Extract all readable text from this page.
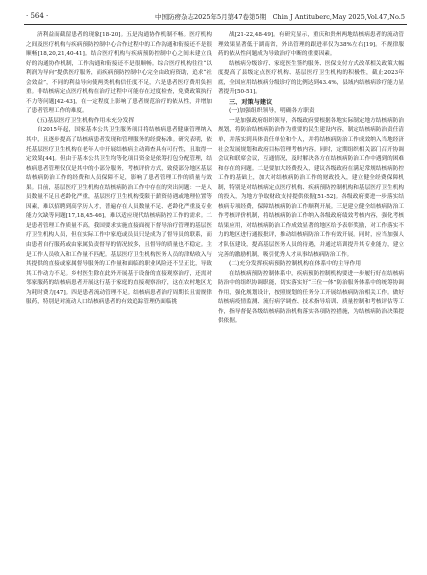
· 564 ·	中国防痨杂志2025年5月第47卷第5期　Chin J Antituberc,May 2025,Vol.47,No.5

济利益而截留患者的现象[18-20]。五是沟通协作机制不畅。医疗机构之间及医疗机构与疾病预防控制中心合作过程中的工作沟通和衔接还不是很顺畅[18,20,21,40-41]。结合医疗机构与疾病预防控制中心之间未建立良好的沟通协作机制，工作沟通和衔接还不是很顺畅。综合医疗机构往往“以利润为导向”提供医疗服务，而疾病预防控制中心完全由政府资助，追求“社会效益”，不同的利益导向使两类机构信任度不足，六是患者医疗费用负担重。非结核病定点医疗机构在治疗过程中可能存在过度检查，免费政策执行不力等问题[42-43]，在一定程度上影响了患者规范治疗的依从性，并增加了患者管理工作的难度。

(五)基层医疗卫生机构作用未充分发挥

自2015年起，国家基本公共卫生服务项目将结核病患者健康管理纳入其中，且逐步提高了结核病患者发现和管理服务的经费标准。研究表明，依托基层医疗卫生机构在老年人中开展结核病主动筛查具有可行性，且取得一定效果[44]。但由于基本公共卫生均等化项目资金是依筹打包分配管理，结核病患者管理仅仅是其中的小部分服务，考核评价方式，致使部分地区基层结核病防治工作的经费和人员保障不足，影响了患者管理工作的质量与效果。目前，基层医疗卫生机构在结核病防治工作中存在的突出问题：一是人员数量不足且老龄化严重，基层医疗卫生机构受限于薪资待遇或地理位置等因素，难以招聘到高学历人才，普遍存在人员数量不足、老龄化严重及专业能力欠缺等问题[17,18,45-46]，难以适应现代结核病防控工作的需求。二是患者管理工作质量不高，我国要求实施直接面视下督导治疗管理的基层医疗卫生机构人员，但在实际工作中家庭或员员只是成为了督导员的联系，而由患者自行服药或由家属负责督导的情况较多，且督导的质量也不稳定。主是工作人员收入和工作量不匹配。基层医疗卫生机构医务人员的津贴收入与其提供的直接或家属督导服务的工作量和面临的职业风险还不呈正比，导致其工作动力不足。乡村医生除在此外开展基于设备的直接观察治疗，还需对邻家服药的结核病患者开展这行基于家庭的直接观察治疗，这在农村地区尤为耗时费力[47]。四是患者流动管理不足。结核病患者治疗周期长且需规律服药，特别是对流动人口结核病患者的有效追踪管理仍面临挑

战[21-22,48-49]。有研究显示，重庆和贵州两地结核病患者的流动管理效果显著低于湖南省，外出管理的跟进率仅为38%左右[19]。不规律服药的依从性问题成为导致治疗中断的重要因素。

结核病分级诊疗、家庭医生签约服务、医保支付方式改革相关政策大幅度提高了县级定点医疗机构、基层医疗卫生机构的积极性，截止2023年底，全国应用结核病分级诊疗的比例达到43.4%，县域内结核病诊疗能力显著提升[50-51]。

三、对策与建议
(一)加强组织领导，明确各方职责

一是加强政府组织领导，各级政府要根据各地实际制定地方结核病防治规划，将防治结核病防治作为重要的民生建设内容，制定结核病防治责任清单，并落实到具体责任单位和个人，并将结核病防治工作成效纳入当地经济社会发展规划和政府目标管理考核内容。同时，定期组织相关部门召开协调会议和联席会议，互通情况，及时解决各方在结核病防治工作中遇到的困难和存在的问题。二是要加大经费投入，建议各级政府在满足常规结核病防控工作的基础上，加大对结核病防治工作的财政投入，建立健全经费保障机制，特别是对结核病定点医疗机构、疾病预防控制机构和基层医疗卫生机构的投入，为地方争取财政支持提供依据[51-52]。各级政府要进一步落实结核病专项经费，保障结核病防治工作顺利开展。三是建立健全结核病防治工作考核评价机制，将结核病防治工作纳入各级政府绩效考核内容，强化考核结果应用，对结核病防治工作成效显著的地区给予表彰奖励，对工作落实不力的地区进行通报批评，推动结核病防治工作有效开展。同时，应当加强人才队伍建设，提高基层医务人员的待遇，并通过培训提升其专业能力，建立完善的激励机制，吸引优秀人才从事结核病防治工作。

(二)充分发挥疾病预防控制机构在体系中的主导作用

在结核病预防控制体系中，疾病预防控制机构要进一步履行好在结核病防治中的组织协调职能，切实落实好“三位一体”防治服务体系中的统筹协调作用，强化规划设计，按照规划的任务分工开展结核病防治相关工作。做好结核病疫情监测、流行病学调查、技术指导培训、质量控制和考核评估等工作，指导督促各级结核病防治机构落实各项防控措施，为结核病防治决策提供依据。
